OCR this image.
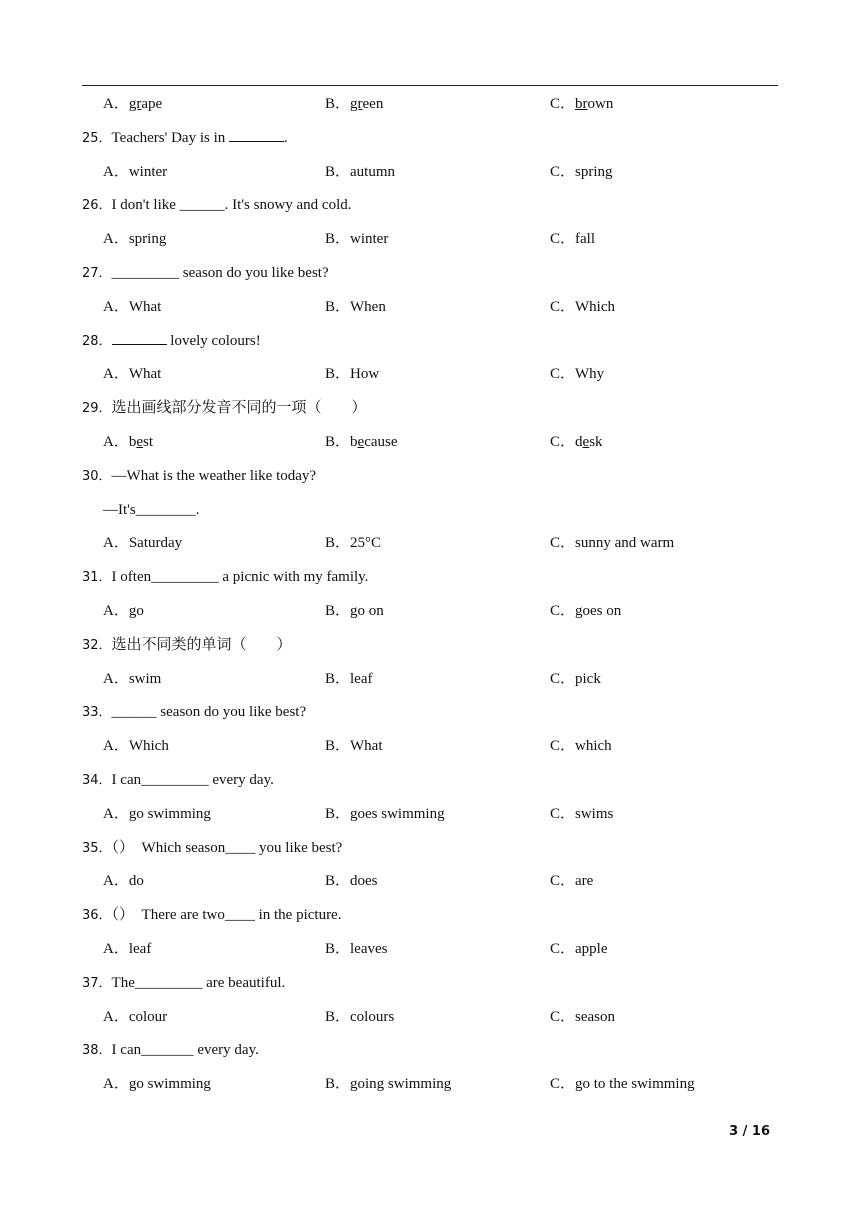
A．grape	B．green	C．brown
25．Teachers' Day is in	.
A．winter	B．autumn	C．spring
26．I don't like ______. It's snowy and cold.
A．spring	B．winter	C．fall
27．_________ season do you like best?
A．What	B．When	C．Which
28．	lovely colours!
A．What	B．How	C．Why
29．选出画线部分发音不同的一项（　　）
A．best	B．because	C．desk
30．—What is the weather like today?
—It's________.
A．Saturday	B．25°C	C．sunny and warm
31．I often_________ a picnic with my family.
A．go	B．go on	C．goes on
32．选出不同类的单词（　　）
A．swim	B．leaf	C．pick
33．______ season do you like best?
A．Which	B．What	C．which
34．I can_________ every day.
A．go swimming	B．goes swimming	C．swims
35．（）　Which season____ you like best?
A．do	B．does	C．are
36．（）　There are two____ in the picture.
A．leaf	B．leaves	C．apple
37．The_________ are beautiful.
A．colour	B．colours	C．season
38．I can_______ every day.
A．go swimming	B．going swimming	C．go to the swimming
3 / 16
